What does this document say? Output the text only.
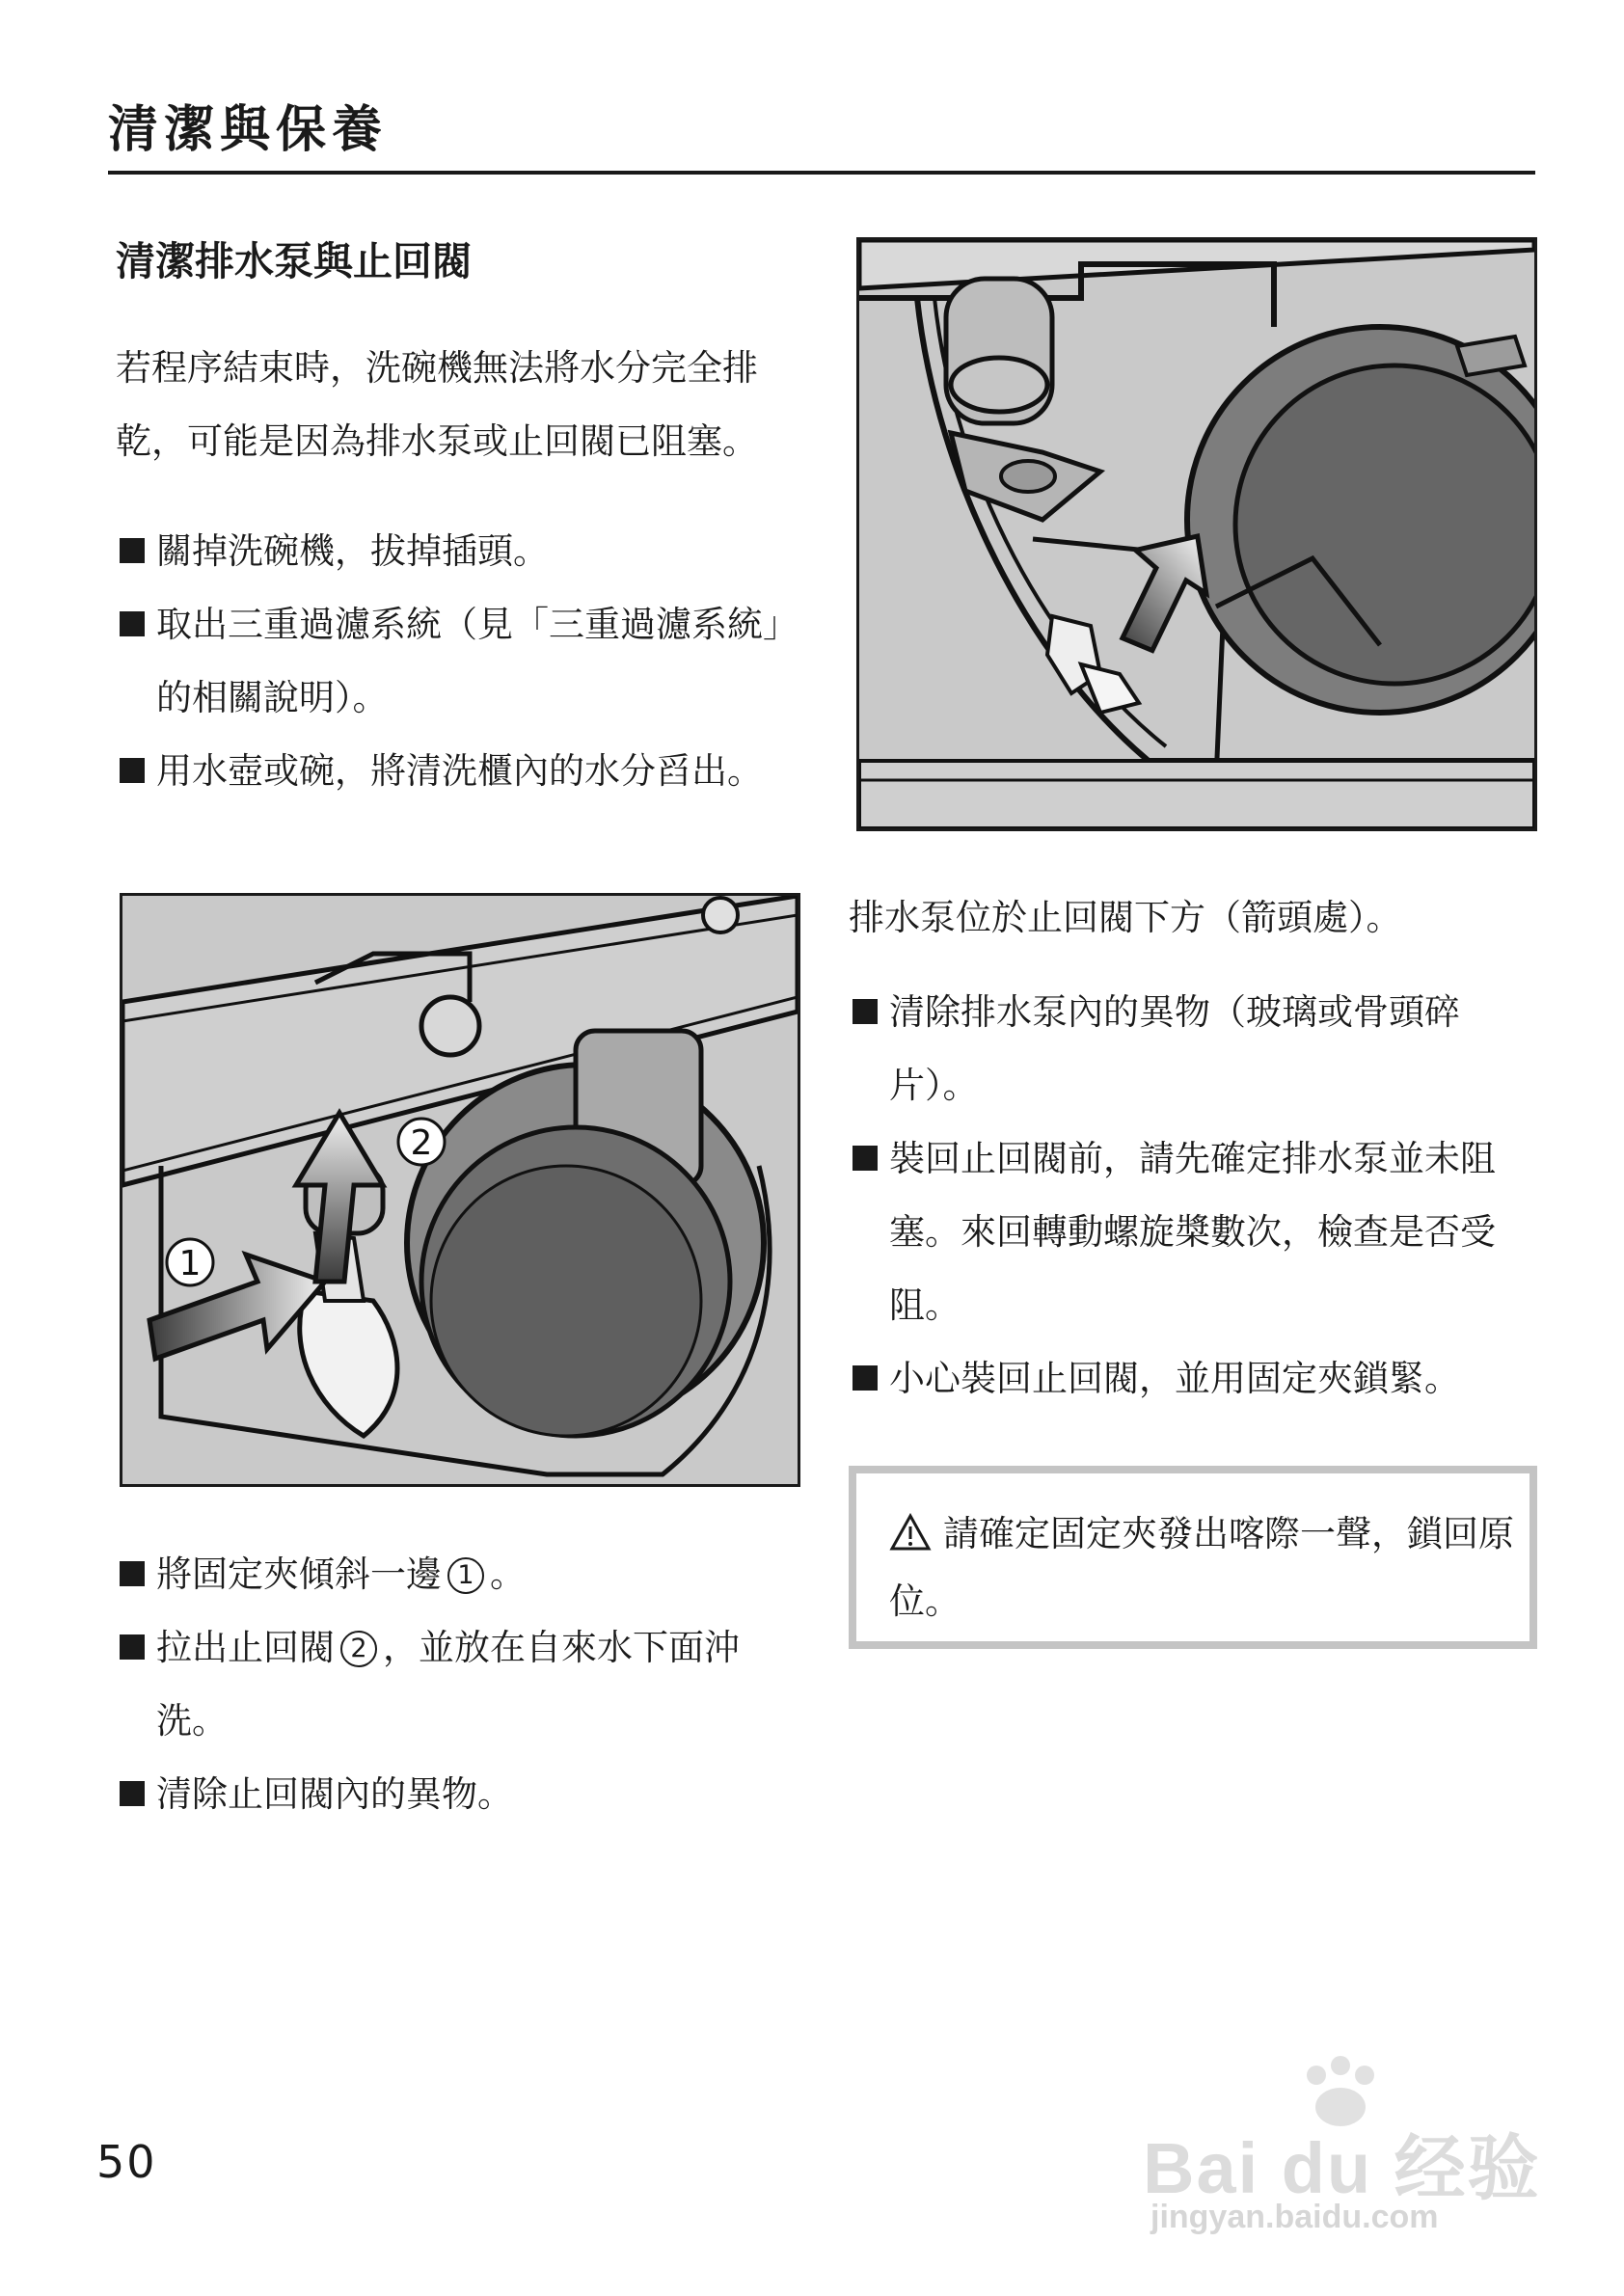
清潔與保養
清潔排水泵與止回閥
若程序結束時，洗碗機無法將水分完全排乾，可能是因為排水泵或止回閥已阻塞。
關掉洗碗機，拔掉插頭。
取出三重過濾系統（見「三重過濾系統」的相關說明）。
用水壺或碗，將清洗櫃內的水分舀出。
排水泵位於止回閥下方（箭頭處）。
清除排水泵內的異物（玻璃或骨頭碎片）。
裝回止回閥前，請先確定排水泵並未阻塞。來回轉動螺旋槳數次，檢查是否受阻。
小心裝回止回閥，並用固定夾鎖緊。
1
2
將固定夾傾斜一邊 1 。
拉出止回閥 2 ，並放在自來水下面沖洗。
清除止回閥內的異物。
請確定固定夾發出喀際一聲，鎖回原位。
50	Bai du 经验
jingyan.baidu.com
